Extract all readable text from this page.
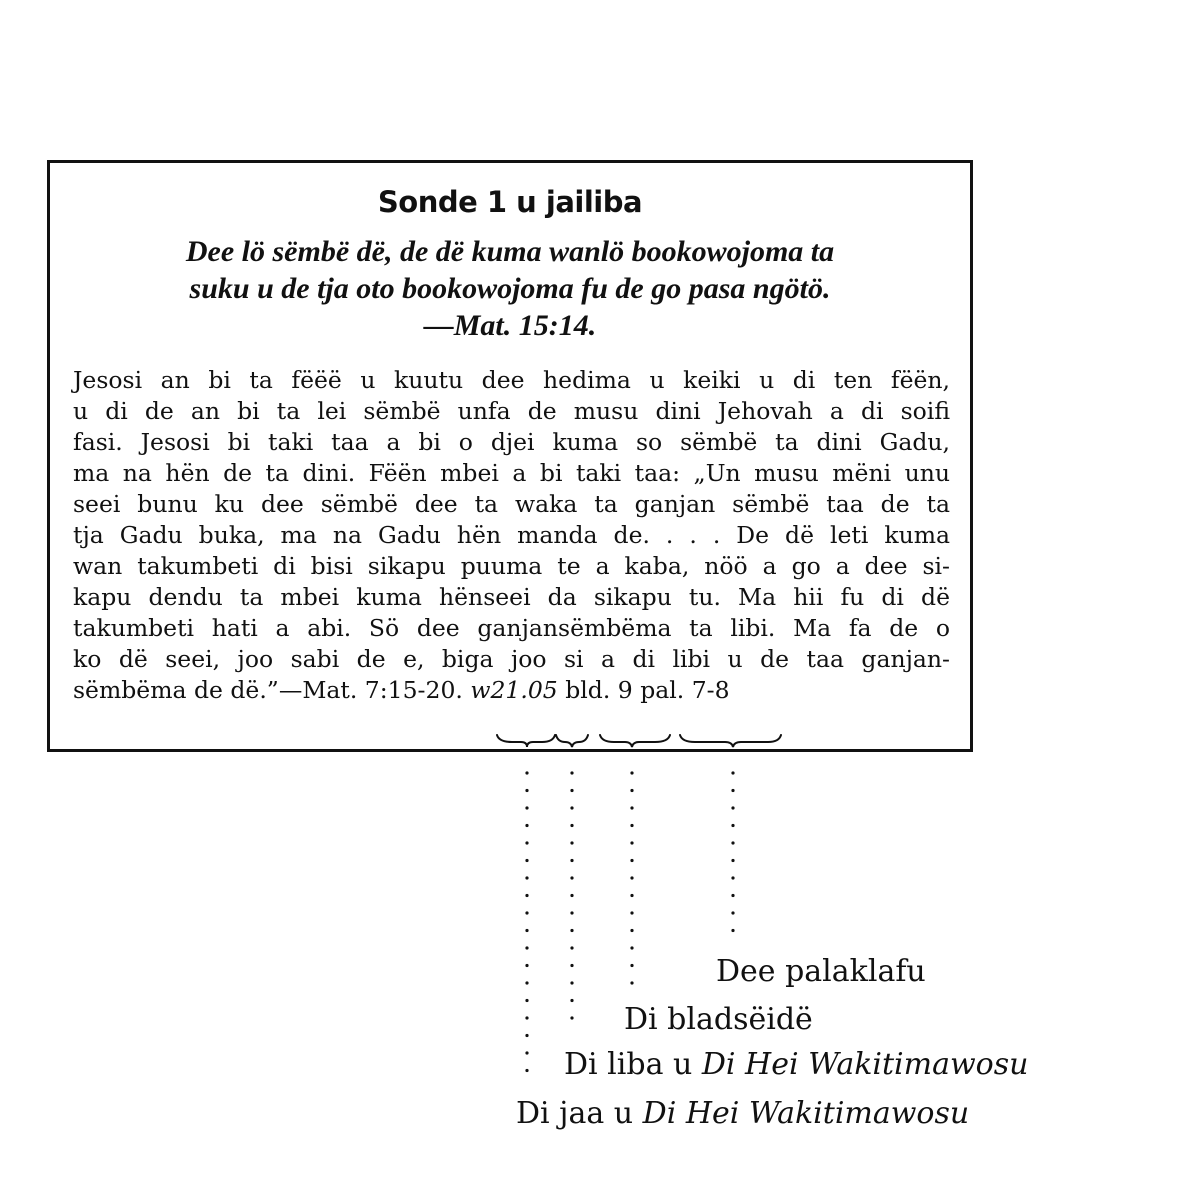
Sonde 1 u jailiba
Dee lö sëmbë dë, de dë kuma wanlö bookowojoma ta
suku u de tja oto bookowojoma fu de go pasa ngötö.
—Mat. 15:14.
Jesosi an bi ta fëëë u kuutu dee hedima u keiki u di ten fëën,
u di de an bi ta lei sëmbë unfa de musu dini Jehovah a di soifi
fasi. Jesosi bi taki taa a bi o djei kuma so sëmbë ta dini Gadu,
ma na hën de ta dini. Fëën mbei a bi taki taa: „Un musu mëni unu
seei bunu ku dee sëmbë dee ta waka ta ganjan sëmbë taa de ta
tja Gadu buka, ma na Gadu hën manda de. . . . De dë leti kuma
wan takumbeti di bisi sikapu puuma te a kaba, nöö a go a dee si-
kapu dendu ta mbei kuma hënseei da sikapu tu. Ma hii fu di dë
takumbeti hati a abi. Sö dee ganjansëmbëma ta libi. Ma fa de o
ko dë seei, joo sabi de e, biga joo si a di libi u de taa ganjan-
sëmbëma de dë.”—Mat. 7:15-20. w21.05 bld. 9 pal. 7-8
Dee palaklafu
Di bladsëidë
Di liba u Di Hei Wakitimawosu
Di jaa u Di Hei Wakitimawosu
